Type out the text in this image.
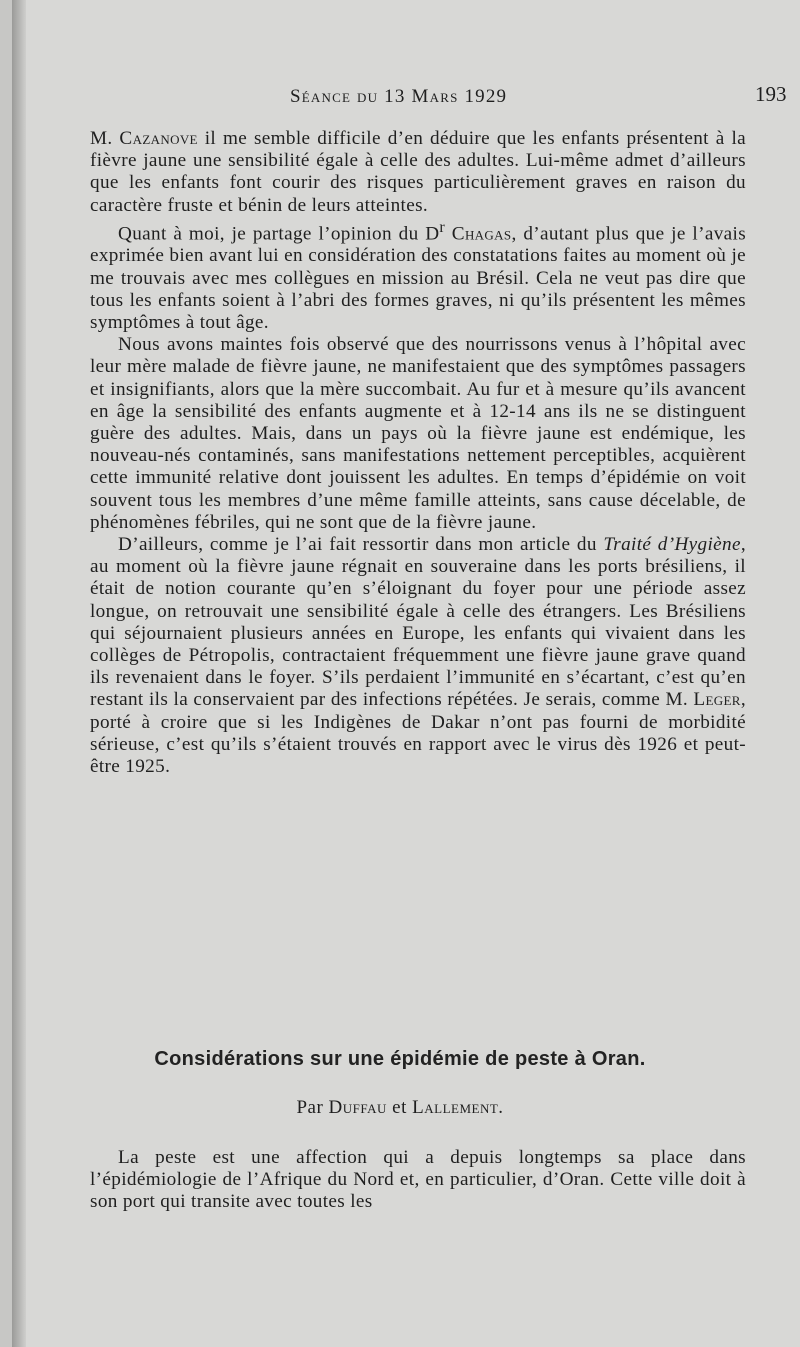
Séance du 13 Mars 1929	193

M. Cazanove il me semble difficile d’en déduire que les enfants présentent à la fièvre jaune une sensibilité égale à celle des adultes. Lui-même admet d’ailleurs que les enfants font courir des risques particulièrement graves en raison du caractère fruste et bénin de leurs atteintes.

Quant à moi, je partage l’opinion du $D^r$ Chagas, d’autant plus que je l’avais exprimée bien avant lui en considération des constatations faites au moment où je me trouvais avec mes collègues en mission au Brésil. Cela ne veut pas dire que tous les enfants soient à l’abri des formes graves, ni qu’ils présentent les mêmes symptômes à tout âge.

Nous avons maintes fois observé que des nourrissons venus à l’hôpital avec leur mère malade de fièvre jaune, ne manifestaient que des symptômes passagers et insignifiants, alors que la mère succombait. Au fur et à mesure qu’ils avancent en âge la sensibilité des enfants augmente et à 12-14 ans ils ne se distinguent guère des adultes. Mais, dans un pays où la fièvre jaune est endémique, les nouveau-nés contaminés, sans manifestations nettement perceptibles, acquièrent cette immunité relative dont jouissent les adultes. En temps d’épidémie on voit souvent tous les membres d’une même famille atteints, sans cause décelable, de phénomènes fébriles, qui ne sont que de la fièvre jaune.

D’ailleurs, comme je l’ai fait ressortir dans mon article du Traité d’Hygiène, au moment où la fièvre jaune régnait en souveraine dans les ports brésiliens, il était de notion courante qu’en s’éloignant du foyer pour une période assez longue, on retrouvait une sensibilité égale à celle des étrangers. Les Brésiliens qui séjournaient plusieurs années en Europe, les enfants qui vivaient dans les collèges de Pétropolis, contractaient fréquemment une fièvre jaune grave quand ils revenaient dans le foyer. S’ils perdaient l’immunité en s’écartant, c’est qu’en restant ils la conservaient par des infections répétées. Je serais, comme M. Leger, porté à croire que si les Indigènes de Dakar n’ont pas fourni de morbidité sérieuse, c’est qu’ils s’étaient trouvés en rapport avec le virus dès 1926 et peut-être 1925.

Considérations sur une épidémie de peste à Oran.
Par Duffau et Lallement.

La peste est une affection qui a depuis longtemps sa place dans l’épidémiologie de l’Afrique du Nord et, en particulier, d’Oran. Cette ville doit à son port qui transite avec toutes les
